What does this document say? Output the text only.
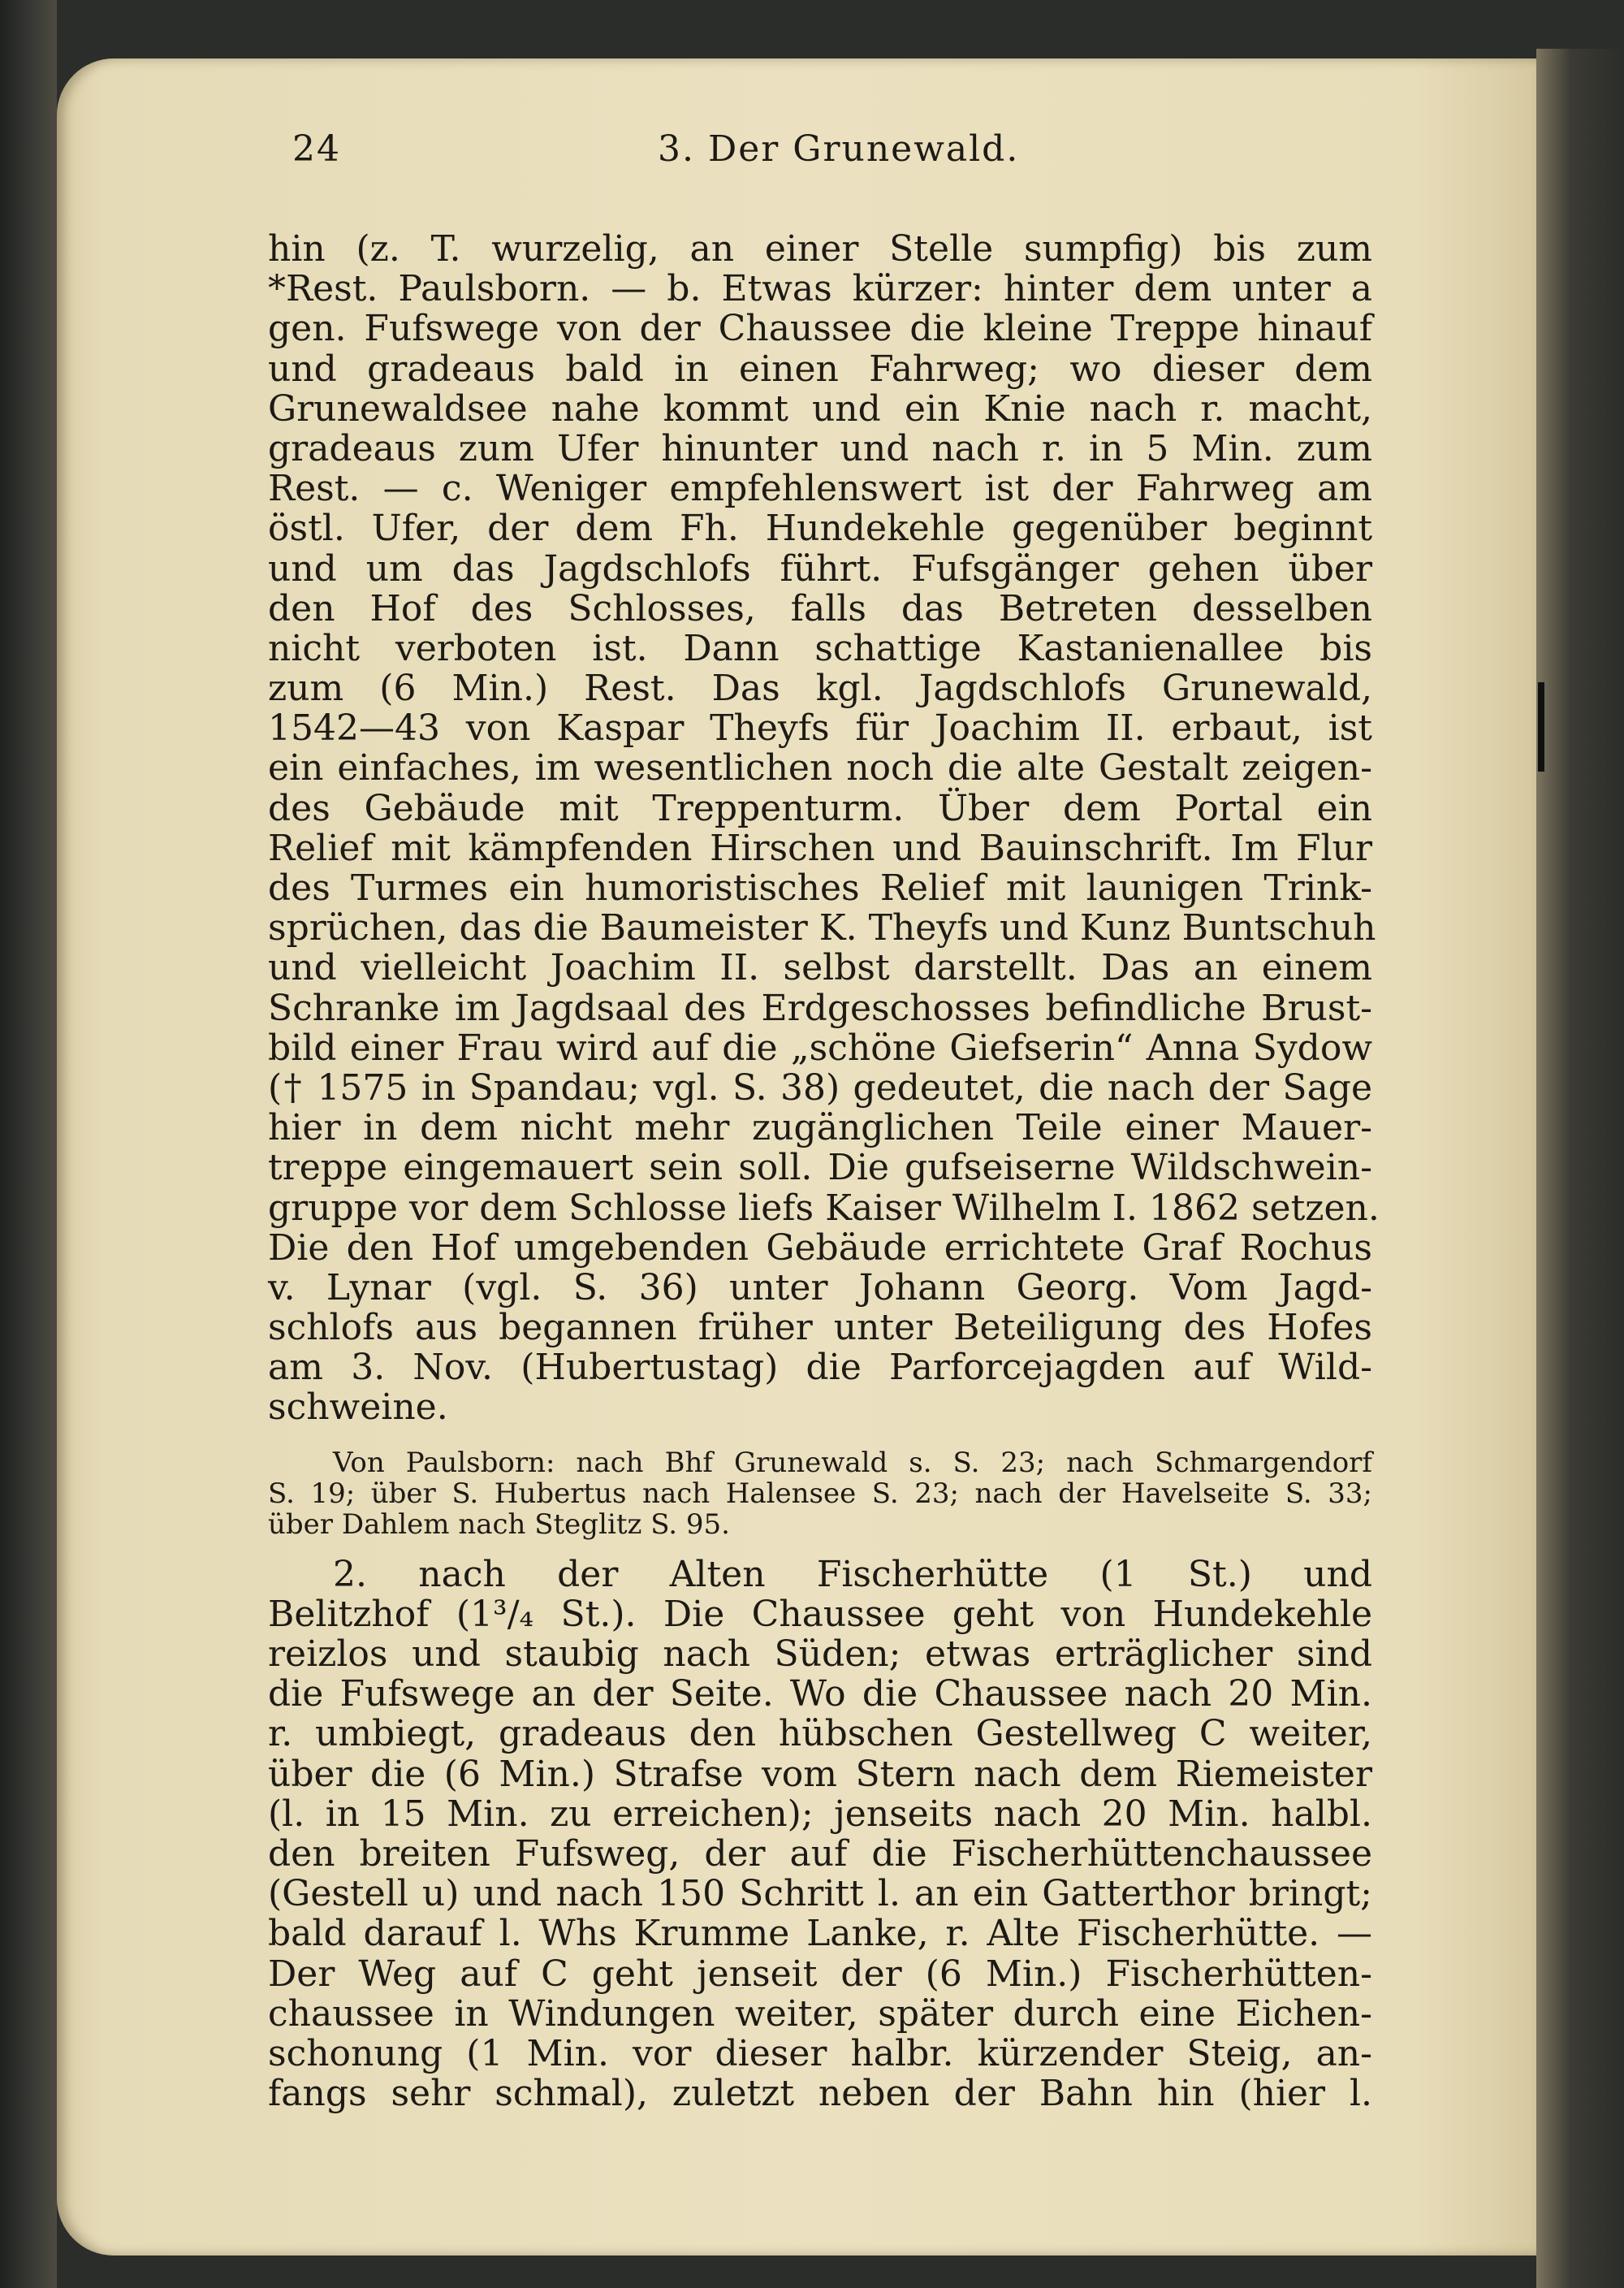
24	3. Der Grunewald.
hin (z. T. wurzelig, an einer Stelle sumpfig) bis zum
*Rest. Paulsborn. — b. Etwas kürzer: hinter dem unter a
gen. Fufswege von der Chaussee die kleine Treppe hinauf
und gradeaus bald in einen Fahrweg; wo dieser dem
Grunewaldsee nahe kommt und ein Knie nach r. macht,
gradeaus zum Ufer hinunter und nach r. in 5 Min. zum
Rest. — c. Weniger empfehlenswert ist der Fahrweg am
östl. Ufer, der dem Fh. Hundekehle gegenüber beginnt
und um das Jagdschlofs führt. Fufsgänger gehen über
den Hof des Schlosses, falls das Betreten desselben
nicht verboten ist. Dann schattige Kastanienallee bis
zum (6 Min.) Rest. Das kgl. Jagdschlofs Grunewald,
1542—43 von Kaspar Theyfs für Joachim II. erbaut, ist
ein einfaches, im wesentlichen noch die alte Gestalt zeigen-
des Gebäude mit Treppenturm. Über dem Portal ein
Relief mit kämpfenden Hirschen und Bauinschrift. Im Flur
des Turmes ein humoristisches Relief mit launigen Trink-
sprüchen, das die Baumeister K. Theyfs und Kunz Buntschuh
und vielleicht Joachim II. selbst darstellt. Das an einem
Schranke im Jagdsaal des Erdgeschosses befindliche Brust-
bild einer Frau wird auf die „schöne Giefserin“ Anna Sydow
(† 1575 in Spandau; vgl. S. 38) gedeutet, die nach der Sage
hier in dem nicht mehr zugänglichen Teile einer Mauer-
treppe eingemauert sein soll. Die gufseiserne Wildschwein-
gruppe vor dem Schlosse liefs Kaiser Wilhelm I. 1862 setzen.
Die den Hof umgebenden Gebäude errichtete Graf Rochus
v. Lynar (vgl. S. 36) unter Johann Georg. Vom Jagd-
schlofs aus begannen früher unter Beteiligung des Hofes
am 3. Nov. (Hubertustag) die Parforcejagden auf Wild-
schweine.
Von Paulsborn: nach Bhf Grunewald s. S. 23; nach Schmargendorf
S. 19; über S. Hubertus nach Halensee S. 23; nach der Havelseite S. 33;
über Dahlem nach Steglitz S. 95.
2. nach der Alten Fischerhütte (1 St.) und
Belitzhof (1³/₄ St.). Die Chaussee geht von Hundekehle
reizlos und staubig nach Süden; etwas erträglicher sind
die Fufswege an der Seite. Wo die Chaussee nach 20 Min.
r. umbiegt, gradeaus den hübschen Gestellweg C weiter,
über die (6 Min.) Strafse vom Stern nach dem Riemeister
(l. in 15 Min. zu erreichen); jenseits nach 20 Min. halbl.
den breiten Fufsweg, der auf die Fischerhüttenchaussee
(Gestell u) und nach 150 Schritt l. an ein Gatterthor bringt;
bald darauf l. Whs Krumme Lanke, r. Alte Fischerhütte. —
Der Weg auf C geht jenseit der (6 Min.) Fischerhütten-
chaussee in Windungen weiter, später durch eine Eichen-
schonung (1 Min. vor dieser halbr. kürzender Steig, an-
fangs sehr schmal), zuletzt neben der Bahn hin (hier l.
